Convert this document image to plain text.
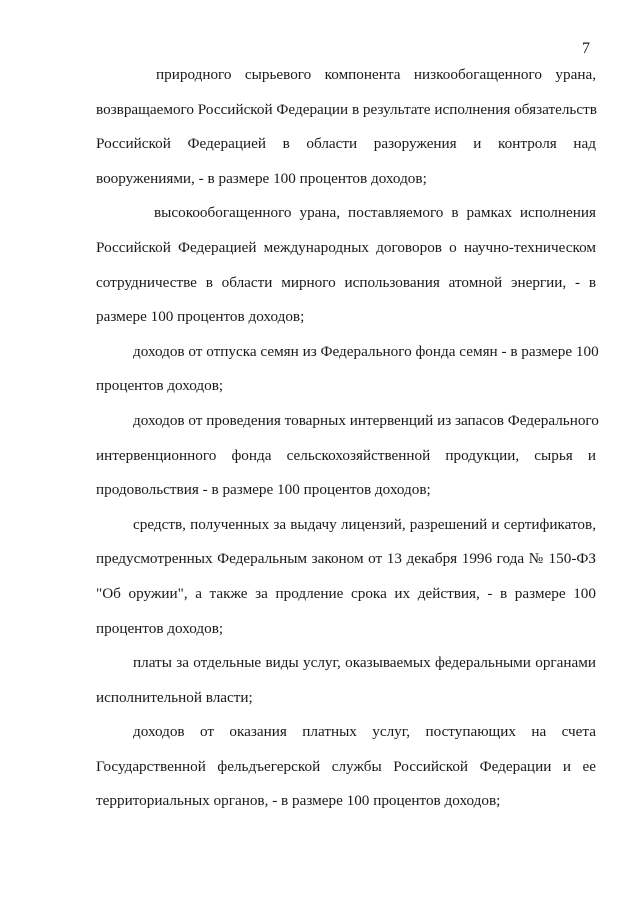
7

природного сырьевого компонента низкообогащенного урана,
возвращаемого Российской Федерации в результате исполнения обязательств
Российской Федерацией в области разоружения и контроля над
вооружениями, - в размере 100 процентов доходов;

высокообогащенного урана, поставляемого в рамках исполнения
Российской Федерацией международных договоров о научно-техническом
сотрудничестве в области мирного использования атомной энергии, - в
размере 100 процентов доходов;

доходов от отпуска семян из Федерального фонда семян - в размере 100
процентов доходов;

доходов от проведения товарных интервенций из запасов Федерального
интервенционного фонда сельскохозяйственной продукции, сырья и
продовольствия - в размере 100 процентов доходов;

средств, полученных за выдачу лицензий, разрешений и сертификатов,
предусмотренных Федеральным законом от 13 декабря 1996 года № 150-ФЗ
"Об оружии", а также за продление срока их действия, - в размере 100
процентов доходов;

платы за отдельные виды услуг, оказываемых федеральными органами
исполнительной власти;

доходов от оказания платных услуг, поступающих на счета
Государственной фельдъегерской службы Российской Федерации и ее
территориальных органов, - в размере 100 процентов доходов;
